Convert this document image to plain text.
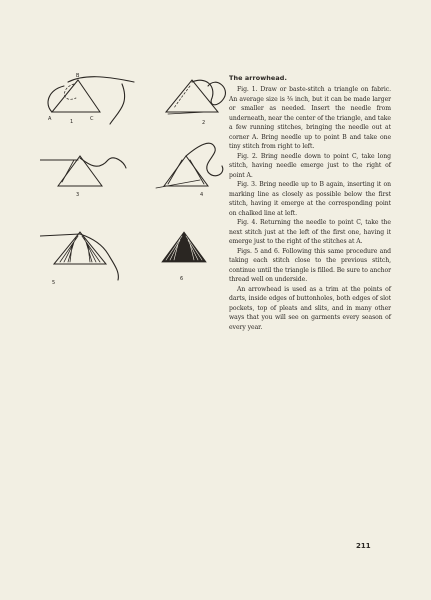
B
A	1	C
2
3	4
5
6

The arrowhead.

Fig. 1. Draw or baste-stitch a triangle on fabric. An average size is ⅜ inch, but it can be made larger or smaller as needed. Insert the needle from underneath, near the center of the triangle, and take a few running stitches, bringing the needle out at corner A. Bring needle up to point B and take one tiny stitch from right to left.

Fig. 2. Bring needle down to point C, take long stitch, having needle emerge just to the right of point A.

Fig. 3. Bring needle up to B again, inserting it on marking line as closely as possible below the first stitch, having it emerge at the corresponding point on chalked line at left.

Fig. 4. Returning the needle to point C, take the next stitch just at the left of the first one, having it emerge just to the right of the stitches at A.

Figs. 5 and 6. Following this same procedure and taking each stitch close to the previous stitch, continue until the triangle is filled. Be sure to anchor thread well on underside.

An arrowhead is used as a trim at the points of darts, inside edges of buttonholes, both edges of slot pockets, top of pleats and slits, and in many other ways that you will see on garments every season of every year.

211
